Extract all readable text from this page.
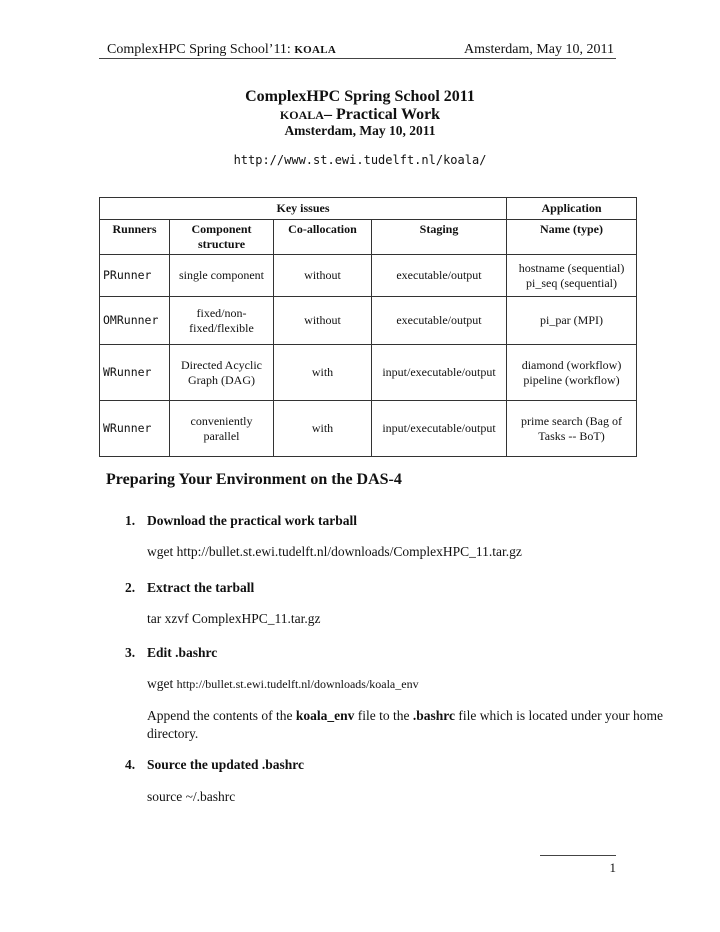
ComplexHPC Spring School’11: KOALA	Amsterdam, May 10, 2011
ComplexHPC Spring School 2011
KOALA– Practical Work
Amsterdam, May 10, 2011
http://www.st.ewi.tudelft.nl/koala/
Key issues				Application
Runners	Component structure	Co-allocation	Staging	Name (type)
PRunner	single component	without	executable/output	hostname (sequential) pi_seq (sequential)
OMRunner	fixed/non-fixed/flexible	without	executable/output	pi_par (MPI)
WRunner	Directed Acyclic Graph (DAG)	with	input/executable/output	diamond (workflow) pipeline (workflow)
WRunner	conveniently parallel	with	input/executable/output	prime search (Bag of Tasks -- BoT)
Preparing Your Environment on the DAS-4
1. Download the practical work tarball
wget http://bullet.st.ewi.tudelft.nl/downloads/ComplexHPC_11.tar.gz
2. Extract the tarball
tar xzvf ComplexHPC_11.tar.gz
3. Edit .bashrc
wget http://bullet.st.ewi.tudelft.nl/downloads/koala_env
Append the contents of the koala_env file to the .bashrc file which is located under your home directory.
4. Source the updated .bashrc
source ~/.bashrc
1
